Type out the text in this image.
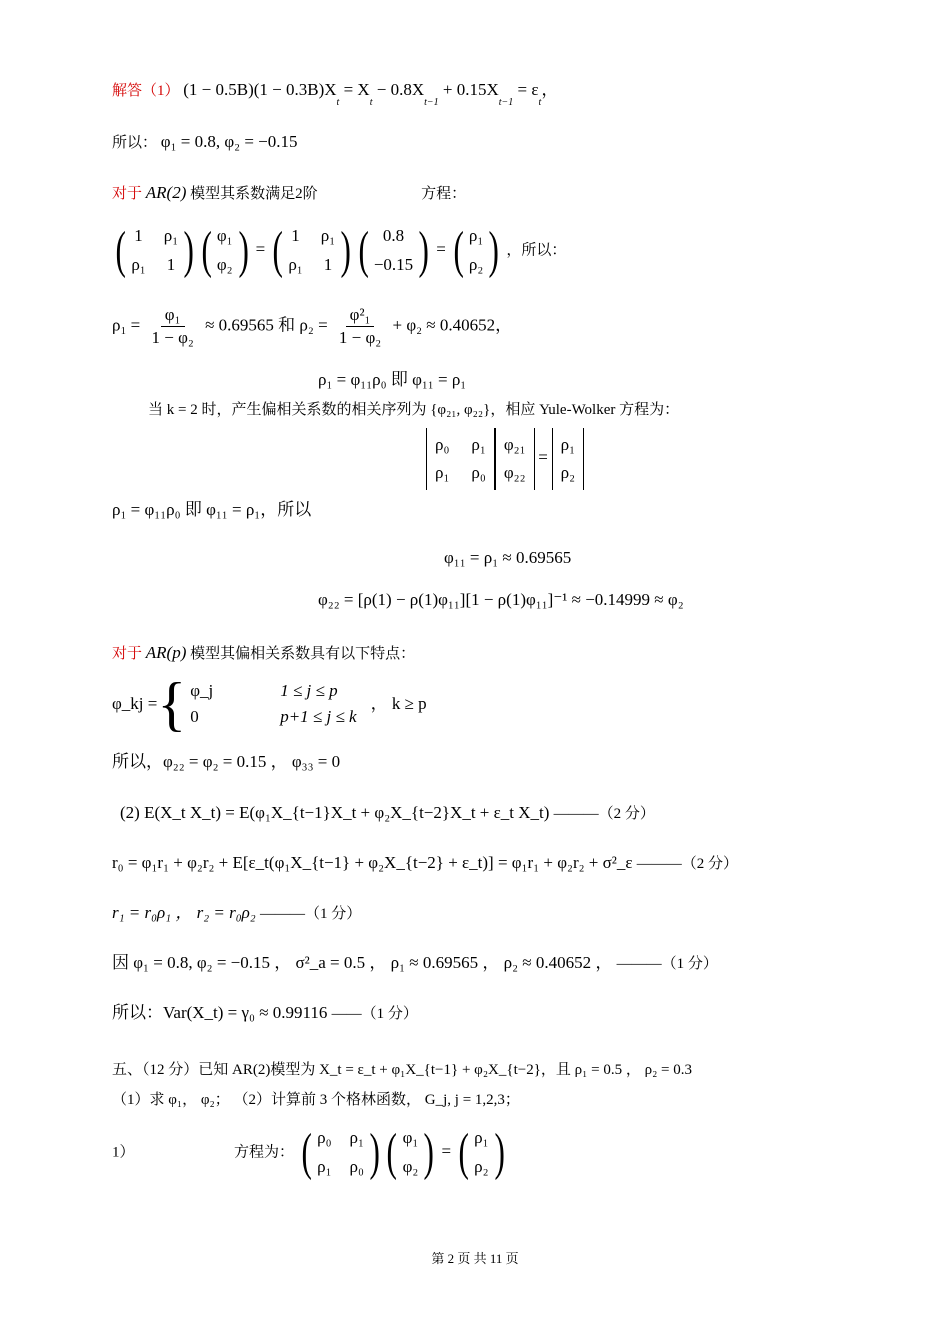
解答（1） $(1 - 0.5B)(1 - 0.3B)X_t = X_t - 0.8X_{t-1} + 0.15X_{t-1} = \varepsilon_t$，
所以： φ₁ = 0.8, φ₂ = −0.15
对于 AR(2) 模型其系数满足2阶	方程：
( 1 ρ₁
ρ₁ 1 ) ( φ₁
φ₂ ) = ( 1 ρ₁
ρ₁ 1 ) ( 0.8
−0.15 ) = ( ρ₁
ρ₂ ) ，所以：
$\rho_1 = \frac{\text{φ₁}}{\text{1 − φ₂}} \approx 0.69565$ 和 $\rho_2 = \frac{\text{φ²₁}}{\text{1 − φ₂}} + \varphi_2 \approx 0.40652$，
ρ₁ = φ₁₁ρ₀ 即 φ₁₁ = ρ₁
当 k = 2 时，产生偏相关系数的相关序列为 {φ₂₁, φ₂₂}，相应 Yule-Wolker 方程为：
ρ₀ ρ₁
ρ₁ ρ₀
φ₂₁
φ₂₂
=
ρ₁
ρ₂
ρ₁ = φ₁₁ρ₀ 即 φ₁₁ = ρ₁，所以
φ₁₁ = ρ₁ ≈ 0.69565
φ₂₂ = [ρ(1) − ρ(1)φ₁₁][1 − ρ(1)φ₁₁]⁻¹ ≈ −0.14999 ≈ φ₂
对于 AR(p) 模型其偏相关系数具有以下特点：
φ_kj = { φ_j	1 ≤ j ≤ p
0	p+1 ≤ j ≤ k
， k ≥ p
所以，φ₂₂ = φ₂ = 0.15 ， φ₃₃ = 0
(2) E(X_t X_t) = E(φ₁X_{t−1}X_t + φ₂X_{t−2}X_t + ε_t X_t) ———（2 分）
r₀ = φ₁r₁ + φ₂r₂ + E[ε_t(φ₁X_{t−1} + φ₂X_{t−2} + ε_t)] = φ₁r₁ + φ₂r₂ + σ²_ε ———（2 分）
r₁ = r₀ρ₁ ， r₂ = r₀ρ₂ ———（1 分）
因 φ₁ = 0.8, φ₂ = −0.15 ， σ²_a = 0.5 ， ρ₁ ≈ 0.69565 ， ρ₂ ≈ 0.40652 ， ———（1 分）
所以：Var(X_t) = γ₀ ≈ 0.99116 ——（1 分）
五、（12 分）已知 AR(2)模型为 X_t = ε_t + φ₁X_{t−1} + φ₂X_{t−2}，且 ρ₁ = 0.5 ， ρ₂ = 0.3
（1）求 φ₁， φ₂； （2）计算前 3 个格林函数， G_j, j = 1,2,3；
1）	方程为： ( ρ₀ ρ₁
ρ₁ ρ₀ ) ( φ₁
φ₂ ) = ( ρ₁
ρ₂ )
第 2 页 共 11 页
